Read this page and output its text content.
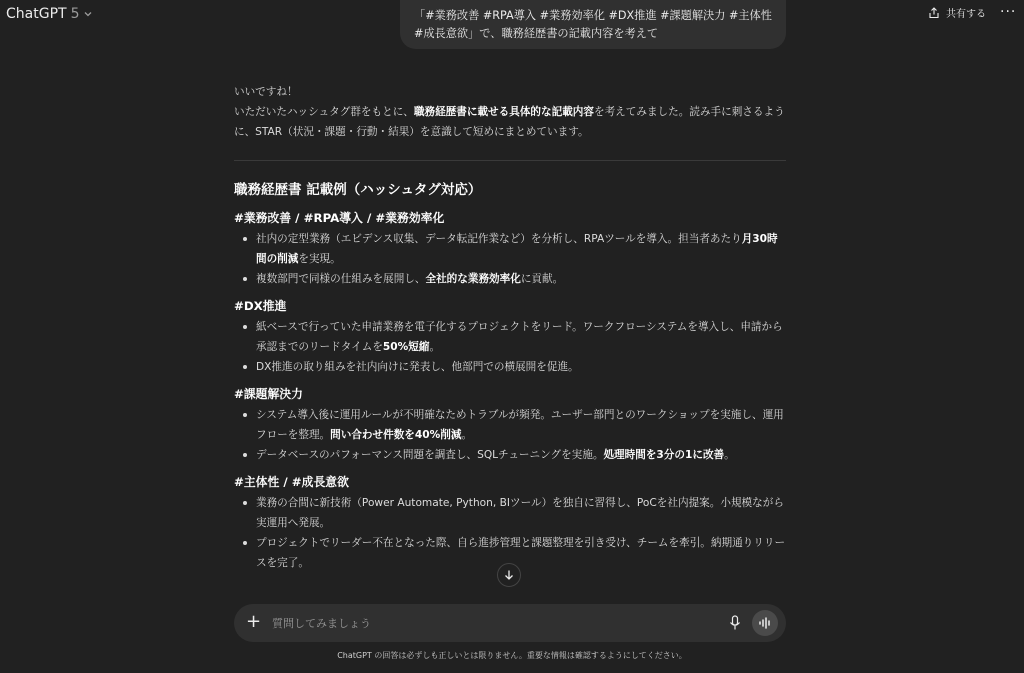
ChatGPT 5	共有する ···
「#業務改善 #RPA導入 #業務効率化 #DX推進 #課題解決力 #主体性 #成長意欲」で、職務経歴書の記載内容を考えて
いいですね！
いただいたハッシュタグ群をもとに、職務経歴書に載せる具体的な記載内容を考えてみました。読み手に刺さるように、STAR（状況・課題・行動・結果）を意識して短めにまとめています。
職務経歴書 記載例（ハッシュタグ対応）
#業務改善 / #RPA導入 / #業務効率化
社内の定型業務（エビデンス収集、データ転記作業など）を分析し、RPAツールを導入。担当者あたり月30時間の削減を実現。
複数部門で同様の仕組みを展開し、全社的な業務効率化に貢献。
#DX推進
紙ベースで行っていた申請業務を電子化するプロジェクトをリード。ワークフローシステムを導入し、申請から承認までのリードタイムを50%短縮。
DX推進の取り組みを社内向けに発表し、他部門での横展開を促進。
#課題解決力
システム導入後に運用ルールが不明確なためトラブルが頻発。ユーザー部門とのワークショップを実施し、運用フローを整理。問い合わせ件数を40%削減。
データベースのパフォーマンス問題を調査し、SQLチューニングを実施。処理時間を3分の1に改善。
#主体性 / #成長意欲
業務の合間に新技術（Power Automate, Python, BIツール）を独自に習得し、PoCを社内提案。小規模ながら実運用へ発展。
プロジェクトでリーダー不在となった際、自ら進捗管理と課題整理を引き受け、チームを牽引。納期通りリリースを完了。
+
質問してみましょう
ChatGPT の回答は必ずしも正しいとは限りません。重要な情報は確認するようにしてください。
